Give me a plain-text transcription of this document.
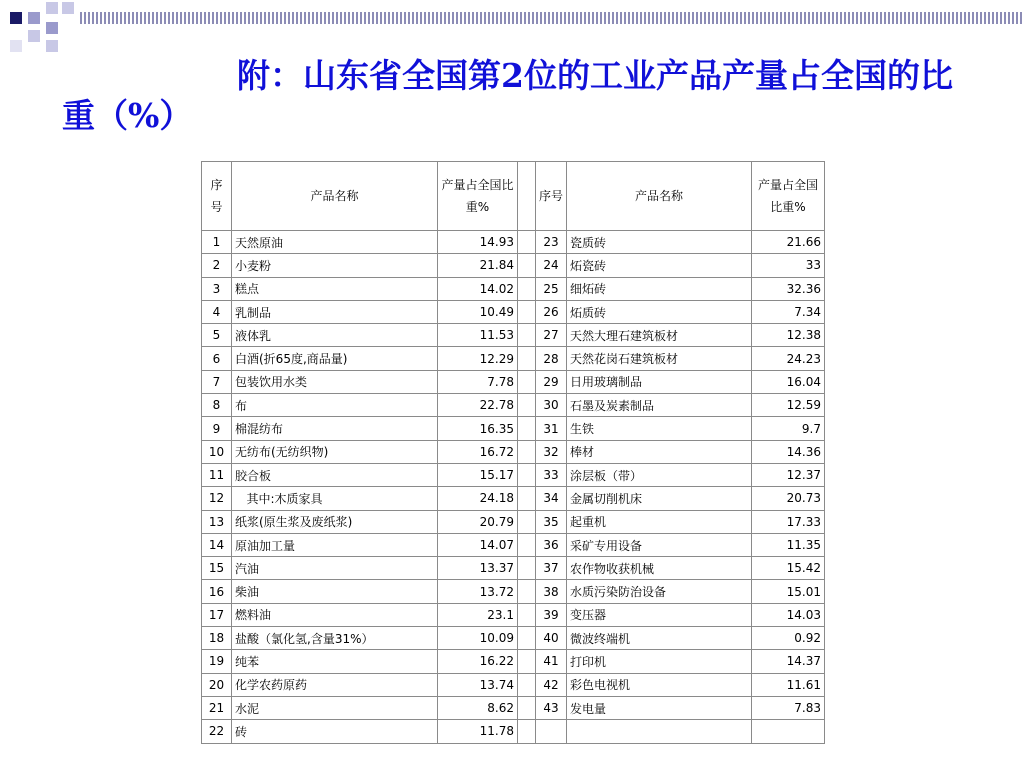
附：山东省全国第2位的工业产品产量占全国的比重（%）
序号	产品名称	产量占全国比重%		序号	产品名称	产量占全国比重%
1	天然原油	14.93		23	瓷质砖	21.66
2	小麦粉	21.84		24	炻瓷砖	33
3	糕点	14.02		25	细炻砖	32.36
4	乳制品	10.49		26	炻质砖	7.34
5	液体乳	11.53		27	天然大理石建筑板材	12.38
6	白酒(折65度,商品量)	12.29		28	天然花岗石建筑板材	24.23
7	包装饮用水类	7.78		29	日用玻璃制品	16.04
8	布	22.78		30	石墨及炭素制品	12.59
9	棉混纺布	16.35		31	生铁	9.7
10	无纺布(无纺织物)	16.72		32	棒材	14.36
11	胶合板	15.17		33	涂层板（带）	12.37
12	其中:木质家具	24.18		34	金属切削机床	20.73
13	纸浆(原生浆及废纸浆)	20.79		35	起重机	17.33
14	原油加工量	14.07		36	采矿专用设备	11.35
15	汽油	13.37		37	农作物收获机械	15.42
16	柴油	13.72		38	水质污染防治设备	15.01
17	燃料油	23.1		39	变压器	14.03
18	盐酸（氯化氢,含量31%）	10.09		40	微波终端机	0.92
19	纯苯	16.22		41	打印机	14.37
20	化学农药原药	13.74		42	彩色电视机	11.61
21	水泥	8.62		43	发电量	7.83
22	砖	11.78				
